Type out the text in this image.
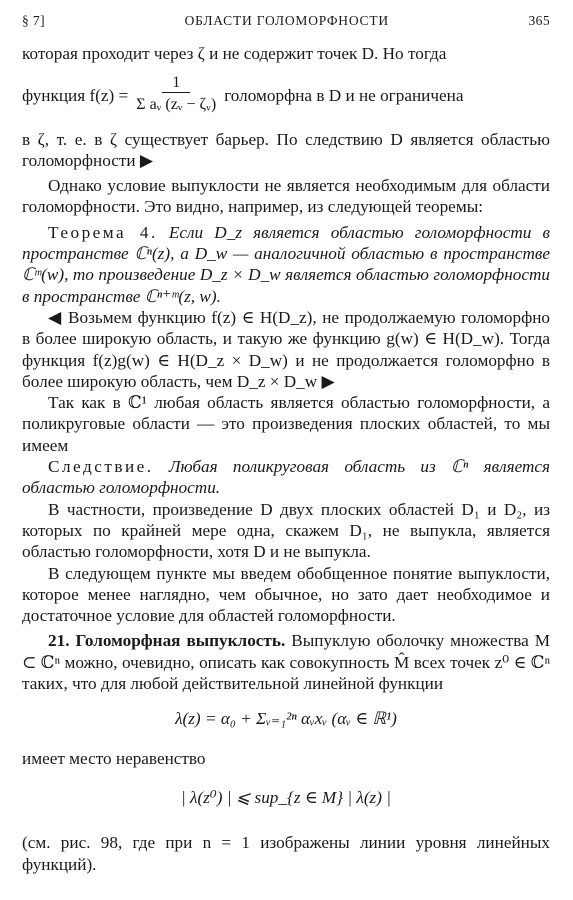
§ 7]	ОБЛАСТИ ГОЛОМОРФНОСТИ	365

которая проходит через ζ и не содержит точек D. Но тогда

функция $f(z) = \frac{1}{\text{Σ aᵥ (zᵥ − ζᵥ)}}$ голоморфна в D и не ограничена

в ζ, т. е. в ζ существует барьер. По следствию D является областью голоморфности ▶

Однако условие выпуклости не является необходимым для области голоморфности. Это видно, например, из следующей теоремы:

Теорема 4. Если D_z является областью голоморфности в пространстве ℂⁿ(z), а D_w — аналогичной областью в пространстве ℂᵐ(w), то произведение D_z × D_w является областью голоморфности в пространстве ℂⁿ⁺ᵐ(z, w).

◀ Возьмем функцию f(z) ∈ H(D_z), не продолжаемую голоморфно в более широкую область, и такую же функцию g(w) ∈ H(D_w). Тогда функция f(z)g(w) ∈ H(D_z × D_w) и не продолжается голоморфно в более широкую область, чем D_z × D_w ▶

Так как в ℂ¹ любая область является областью голоморфности, а поликруговые области — это произведения плоских областей, то мы имеем

Следствие. Любая поликруговая область из ℂⁿ является областью голоморфности.

В частности, произведение D двух плоских областей D₁ и D₂, из которых по крайней мере одна, скажем D₁, не выпукла, является областью голоморфности, хотя D и не выпукла.

В следующем пункте мы введем обобщенное понятие выпуклости, которое менее наглядно, чем обычное, но зато дает необходимое и достаточное условие для областей голоморфности.

21. Голоморфная выпуклость. Выпуклую оболочку множества M ⊂ ℂⁿ можно, очевидно, описать как совокупность M̂ всех точек z⁰ ∈ ℂⁿ таких, что для любой действительной линейной функции

λ(z) = α₀ + Σᵥ₌₁²ⁿ αᵥxᵥ (αᵥ ∈ ℝ¹)

имеет место неравенство

| λ(z⁰) | ⩽ sup_{z ∈ M} | λ(z) |

(см. рис. 98, где при n = 1 изображены линии уровня линейных функций).
